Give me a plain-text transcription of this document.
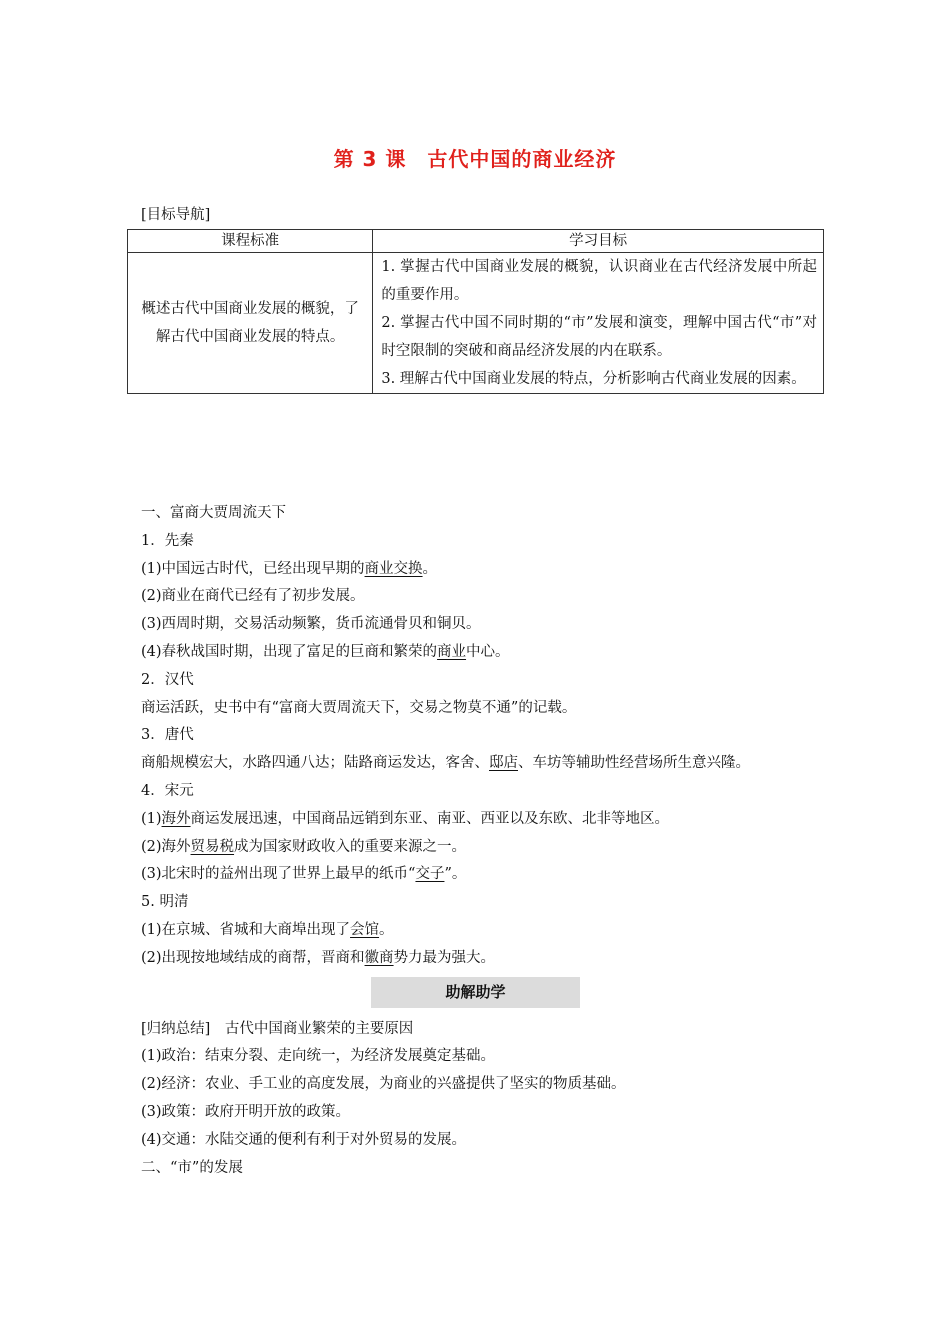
第 3 课　古代中国的商业经济
[目标导航]
课程标准	学习目标
概述古代中国商业发展的概貌，了解古代中国商业发展的特点。	1. 掌握古代中国商业发展的概貌，认识商业在古代经济发展中所起的重要作用。
2. 掌握古代中国不同时期的“市”发展和演变，理解中国古代“市”对时空限制的突破和商品经济发展的内在联系。
3. 理解古代中国商业发展的特点，分析影响古代商业发展的因素。

一、富商大贾周流天下

1．先秦

(1)中国远古时代，已经出现早期的商业交换。

(2)商业在商代已经有了初步发展。

(3)西周时期，交易活动频繁，货币流通骨贝和铜贝。

(4)春秋战国时期，出现了富足的巨商和繁荣的商业中心。

2．汉代

商运活跃，史书中有“富商大贾周流天下，交易之物莫不通”的记载。

3．唐代

商船规模宏大，水路四通八达；陆路商运发达，客舍、邸店、车坊等辅助性经营场所生意兴隆。

4．宋元

(1)海外商运发展迅速，中国商品远销到东亚、南亚、西亚以及东欧、北非等地区。

(2)海外贸易税成为国家财政收入的重要来源之一。

(3)北宋时的益州出现了世界上最早的纸币“交子”。

5. 明清

(1)在京城、省城和大商埠出现了会馆。

(2)出现按地域结成的商帮，晋商和徽商势力最为强大。

助解助学

[归纳总结]　古代中国商业繁荣的主要原因

(1)政治：结束分裂、走向统一，为经济发展奠定基础。

(2)经济：农业、手工业的高度发展，为商业的兴盛提供了坚实的物质基础。

(3)政策：政府开明开放的政策。

(4)交通：水陆交通的便利有利于对外贸易的发展。

二、“市”的发展
